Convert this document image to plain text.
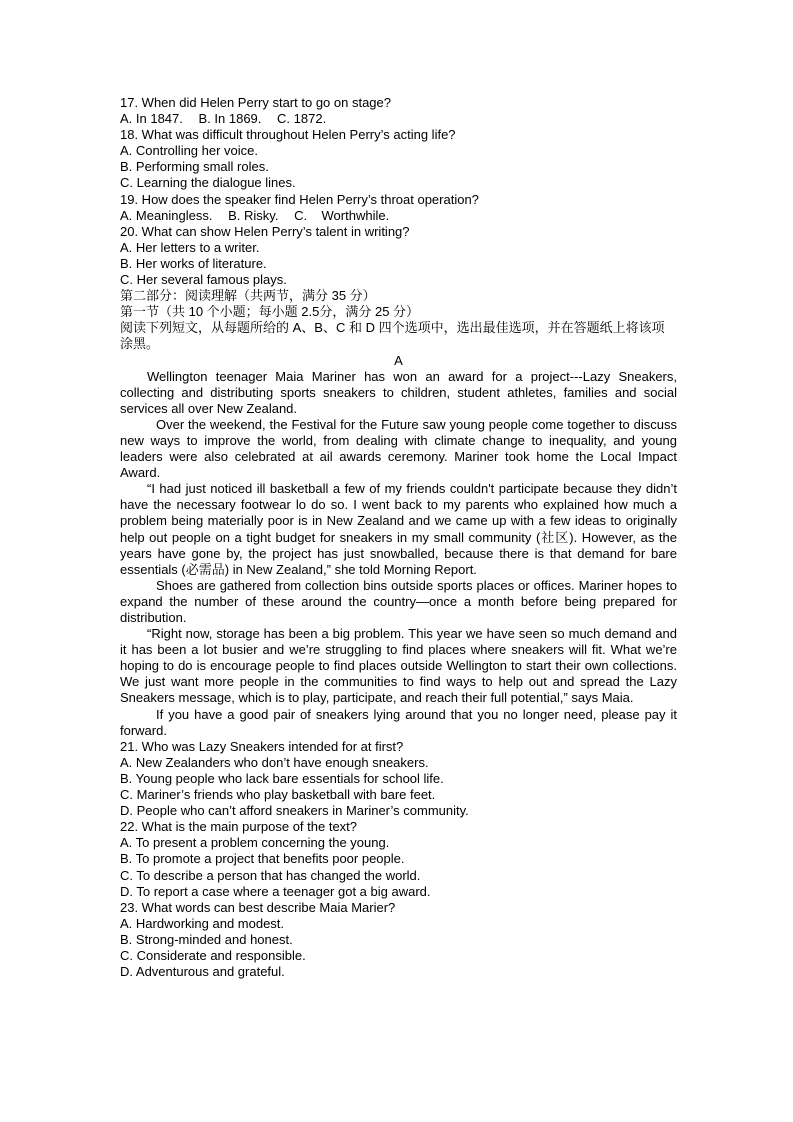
17. When did Helen Perry start to go on stage?
A. In 1847. B. In 1869. C. 1872.
18. What was difficult throughout Helen Perry’s acting life?
A. Controlling her voice.
B. Performing small roles.
C. Learning the dialogue lines.
19. How does the speaker find Helen Perry’s throat operation?
A. Meaningless. B. Risky. C.    Worthwhile.
20. What can show Helen Perry’s talent in writing?
A. Her letters to a writer.
B. Her works of literature.
C. Her several famous plays.
第二部分：阅读理解（共两节，满分 35 分）
第一节（共 10 个小题；每小题 2.5分，满分 25 分）
阅读下列短文，从每题所给的 A、B、C 和 D 四个选项中，选出最佳选项，并在答题纸上将该项涂黑。
A
Wellington teenager Maia Mariner has won an award for a project---Lazy Sneakers, collecting and distributing sports sneakers to children, student athletes, families and social services all over New Zealand.
Over the weekend, the Festival for the Future saw young people come together to discuss new ways to improve the world, from dealing with climate change to inequality, and young leaders were also celebrated at ail awards ceremony. Mariner took home the Local Impact Award.
“I had just noticed ill basketball a few of my friends couldn't participate because they didn’t have the necessary footwear lo do so. I went back to my parents who explained how much a problem being materially poor is in New Zealand and we came up with a few ideas to originally help out people on a tight budget for sneakers in my small community (社区). However, as the years have gone by, the project has just snowballed, because there is that demand for bare essentials (必需品) in New Zealand,” she told Morning Report.
Shoes are gathered from collection bins outside sports places or offices. Mariner hopes to expand the number of these around the country—once a month before being prepared for distribution.
“Right now, storage has been a big problem. This year we have seen so much demand and it has been a lot busier and we’re struggling to find places where sneakers will fit. What we’re hoping to do is encourage people to find places outside Wellington to start their own collections. We just want more people in the communities to find ways to help out and spread the Lazy Sneakers message, which is to play, participate, and reach their full potential,” says Maia.
If you have a good pair of sneakers lying around that you no longer need, please pay it forward.
21. Who was Lazy Sneakers intended for at first?
A. New Zealanders who don’t have enough sneakers.
B. Young people who lack bare essentials for school life.
C. Mariner’s friends who play basketball with bare feet.
D. People who can’t afford sneakers in Mariner’s community.
22. What is the main purpose of the text?
A. To present a problem concerning the young.
B. To promote a project that benefits poor people.
C. To describe a person that has changed the world.
D. To report a case where a teenager got a big award.
23. What words can best describe Maia Marier?
A. Hardworking and modest.
B. Strong-minded and honest.
C. Considerate and responsible.
D. Adventurous and grateful.
